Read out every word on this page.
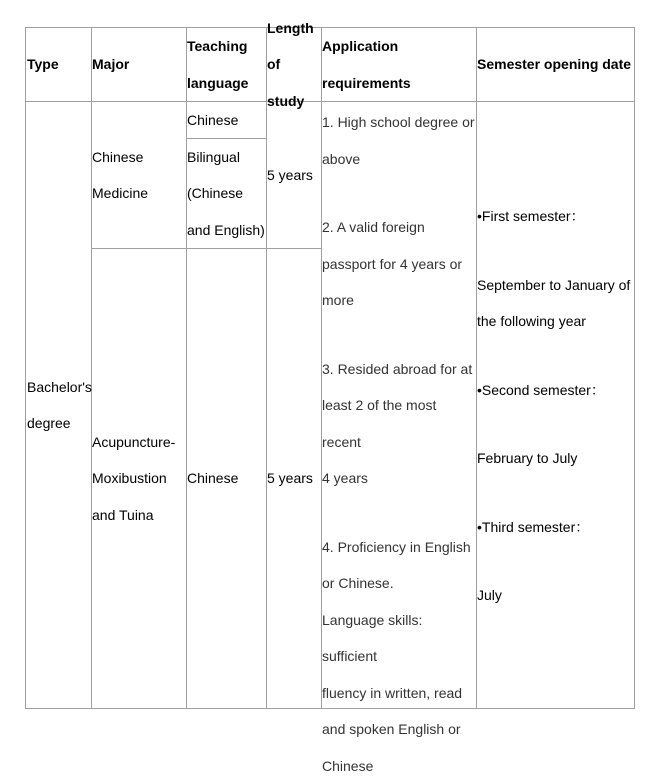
Type Major
Teaching
language
Length
of study
Application
requirements
Semester opening date
Bachelor's
degree
Chinese
Medicine
Chinese
Bilingual
(Chinese
and English)
5 years
Acupuncture-
Moxibustion
and Tuina
Chinese 5 years

1. High school degree or

above

2. A valid foreign

passport for 4 years or

more

3. Resided abroad for at

least 2 of the most recent

4 years

4. Proficiency in English

or Chinese.

Language skills: sufficient

fluency in written, read

and spoken English or

Chinese

•First semester：

September to January of

the following year

•Second semester：

February to July

•Third semester：

July
